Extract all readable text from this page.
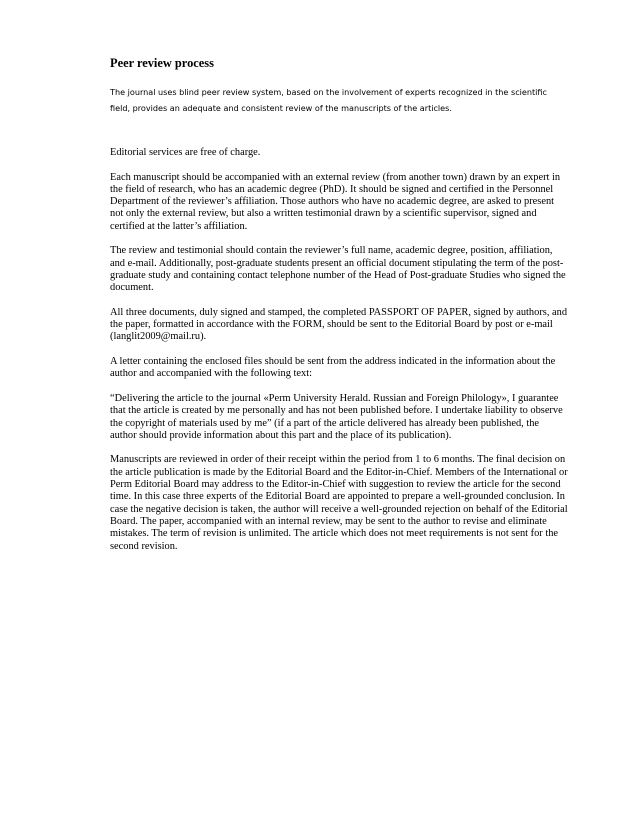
Peer review process

The journal uses blind peer review system, based on the involvement of experts recognized in the scientific field, provides an adequate and consistent review of the manuscripts of the articles.

Editorial services are free of charge.

Each manuscript should be accompanied with an external review (from another town) drawn by an expert in the field of research, who has an academic degree (PhD). It should be signed and certified in the Personnel Department of the reviewer’s affiliation. Those authors who have no academic degree, are asked to present not only the external review, but also a written testimonial drawn by a scientific supervisor, signed and certified at the latter’s affiliation.

The review and testimonial should contain the reviewer’s full name, academic degree, position, affiliation, and e-mail. Additionally, post-graduate students present an official document stipulating the term of the post-graduate study and containing contact telephone number of the Head of Post-graduate Studies who signed the document.

All three documents, duly signed and stamped, the completed PASSPORT OF PAPER, signed by authors, and the paper, formatted in accordance with the FORM, should be sent to the Editorial Board by post or e-mail (langlit2009@mail.ru).

A letter containing the enclosed files should be sent from the address indicated in the information about the author and accompanied with the following text:

“Delivering the article to the journal «Perm University Herald. Russian and Foreign Philology», I guarantee that the article is created by me personally and has not been published before. I undertake liability to observe the copyright of materials used by me” (if a part of the article delivered has already been published, the author should provide information about this part and the place of its publication).

Manuscripts are reviewed in order of their receipt within the period from 1 to 6 months. The final decision on the article publication is made by the Editorial Board and the Editor-in-Chief. Members of the International or Perm Editorial Board may address to the Editor-in-Chief with suggestion to review the article for the second time. In this case three experts of the Editorial Board are appointed to prepare a well-grounded conclusion. In case the negative decision is taken, the author will receive a well-grounded rejection on behalf of the Editorial Board. The paper, accompanied with an internal review, may be sent to the author to revise and eliminate mistakes. The term of revision is unlimited. The article which does not meet requirements is not sent for the second revision.
